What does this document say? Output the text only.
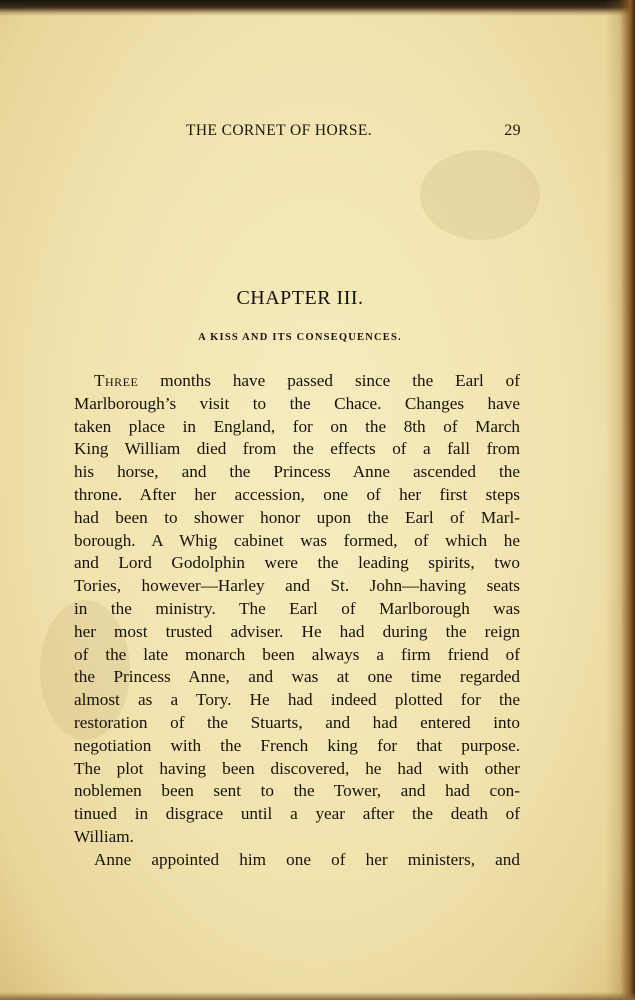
THE CORNET OF HORSE.	29
CHAPTER III.
A KISS AND ITS CONSEQUENCES.
Three months have passed since the Earl of
Marlborough’s visit to the Chace. Changes have
taken place in England, for on the 8th of March
King William died from the effects of a fall from
his horse, and the Princess Anne ascended the
throne. After her accession, one of her first steps
had been to shower honor upon the Earl of Marl-
borough. A Whig cabinet was formed, of which he
and Lord Godolphin were the leading spirits, two
Tories, however—Harley and St. John—having seats
in the ministry. The Earl of Marlborough was
her most trusted adviser. He had during the reign
of the late monarch been always a firm friend of
the Princess Anne, and was at one time regarded
almost as a Tory. He had indeed plotted for the
restoration of the Stuarts, and had entered into
negotiation with the French king for that purpose.
The plot having been discovered, he had with other
noblemen been sent to the Tower, and had con-
tinued in disgrace until a year after the death of
William.
Anne appointed him one of her ministers, and
